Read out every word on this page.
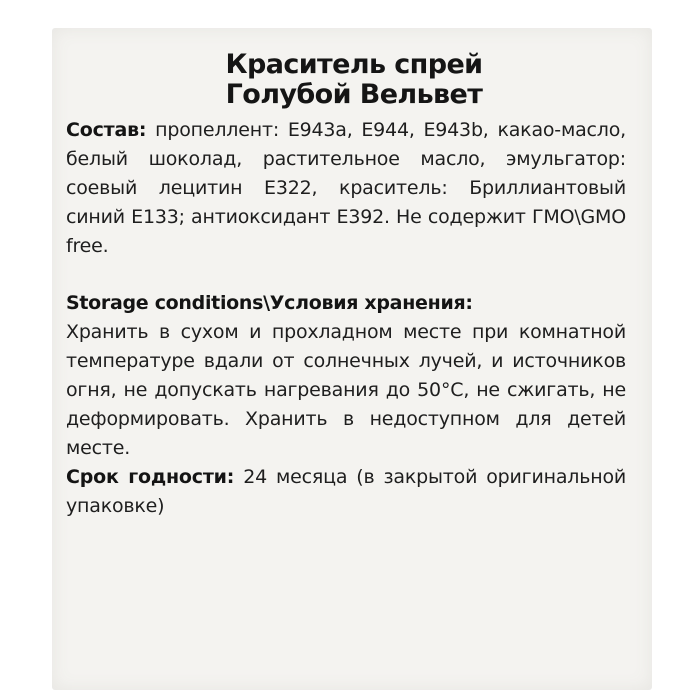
Краситель спрей
Голубой Вельвет
Состав: пропеллент: E943a, E944, E943b, какао-масло, белый шоколад, растительное масло, эмульгатор: соевый лецитин E322, краситель: Бриллиантовый синий E133; антиоксидант E392. Не содержит ГМО\GMO free.
Storage conditions\Условия хранения:
Хранить в сухом и прохладном месте при комнатной температуре вдали от солнечных лучей, и источников огня, не допускать нагревания до 50°C, не сжигать, не деформировать. Хранить в недоступном для детей месте.
Срок годности: 24 месяца (в закрытой оригинальной упаковке)
